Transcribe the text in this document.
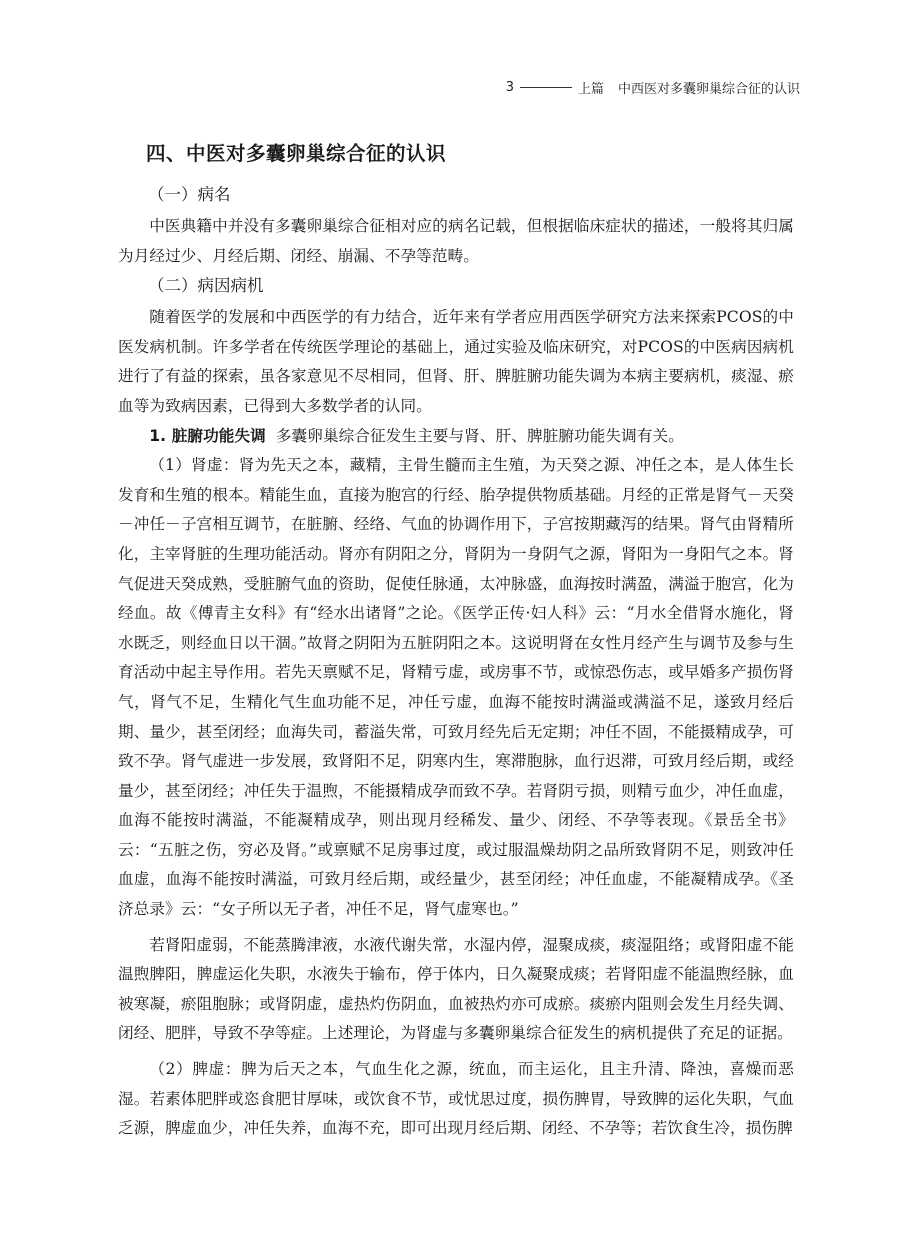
3	上篇 中西医对多囊卵巢综合征的认识
四、中医对多囊卵巢综合征的认识
（一）病名

中医典籍中并没有多囊卵巢综合征相对应的病名记载，但根据临床症状的描述，一般将其归属为月经过少、月经后期、闭经、崩漏、不孕等范畴。

（二）病因病机

随着医学的发展和中西医学的有力结合，近年来有学者应用西医学研究方法来探索PCOS的中医发病机制。许多学者在传统医学理论的基础上，通过实验及临床研究，对PCOS的中医病因病机进行了有益的探索，虽各家意见不尽相同，但肾、肝、脾脏腑功能失调为本病主要病机，痰湿、瘀血等为致病因素，已得到大多数学者的认同。

1. 脏腑功能失调 多囊卵巢综合征发生主要与肾、肝、脾脏腑功能失调有关。

（1）肾虚：肾为先天之本，藏精，主骨生髓而主生殖，为天癸之源、冲任之本，是人体生长发育和生殖的根本。精能生血，直接为胞宫的行经、胎孕提供物质基础。月经的正常是肾气－天癸－冲任－子宫相互调节，在脏腑、经络、气血的协调作用下，子宫按期藏泻的结果。肾气由肾精所化，主宰肾脏的生理功能活动。肾亦有阴阳之分，肾阴为一身阴气之源，肾阳为一身阳气之本。肾气促进天癸成熟，受脏腑气血的资助，促使任脉通，太冲脉盛，血海按时满盈，满溢于胞宫，化为经血。故《傅青主女科》有“经水出诸肾”之论。《医学正传·妇人科》云：“月水全借肾水施化，肾水既乏，则经血日以干涸。”故肾之阴阳为五脏阴阳之本。这说明肾在女性月经产生与调节及参与生育活动中起主导作用。若先天禀赋不足，肾精亏虚，或房事不节，或惊恐伤志，或早婚多产损伤肾气，肾气不足，生精化气生血功能不足，冲任亏虚，血海不能按时满溢或满溢不足，遂致月经后期、量少，甚至闭经；血海失司，蓄溢失常，可致月经先后无定期；冲任不固，不能摄精成孕，可致不孕。肾气虚进一步发展，致肾阳不足，阴寒内生，寒滞胞脉，血行迟滞，可致月经后期，或经量少，甚至闭经；冲任失于温煦，不能摄精成孕而致不孕。若肾阴亏损，则精亏血少，冲任血虚，血海不能按时满溢，不能凝精成孕，则出现月经稀发、量少、闭经、不孕等表现。《景岳全书》云：“五脏之伤，穷必及肾。”或禀赋不足房事过度，或过服温燥劫阴之品所致肾阴不足，则致冲任血虚，血海不能按时满溢，可致月经后期，或经量少，甚至闭经；冲任血虚，不能凝精成孕。《圣济总录》云：“女子所以无子者，冲任不足，肾气虚寒也。”

若肾阳虚弱，不能蒸腾津液，水液代谢失常，水湿内停，湿聚成痰，痰湿阻络；或肾阳虚不能温煦脾阳，脾虚运化失职，水液失于输布，停于体内，日久凝聚成痰；若肾阳虚不能温煦经脉，血被寒凝，瘀阻胞脉；或肾阴虚，虚热灼伤阴血，血被热灼亦可成瘀。痰瘀内阻则会发生月经失调、闭经、肥胖，导致不孕等症。上述理论，为肾虚与多囊卵巢综合征发生的病机提供了充足的证据。

（2）脾虚：脾为后天之本，气血生化之源，统血，而主运化，且主升清、降浊，喜燥而恶湿。若素体肥胖或恣食肥甘厚味，或饮食不节，或忧思过度，损伤脾胃，导致脾的运化失职，气血乏源，脾虚血少，冲任失养，血海不充，即可出现月经后期、闭经、不孕等；若饮食生冷，损伤脾
